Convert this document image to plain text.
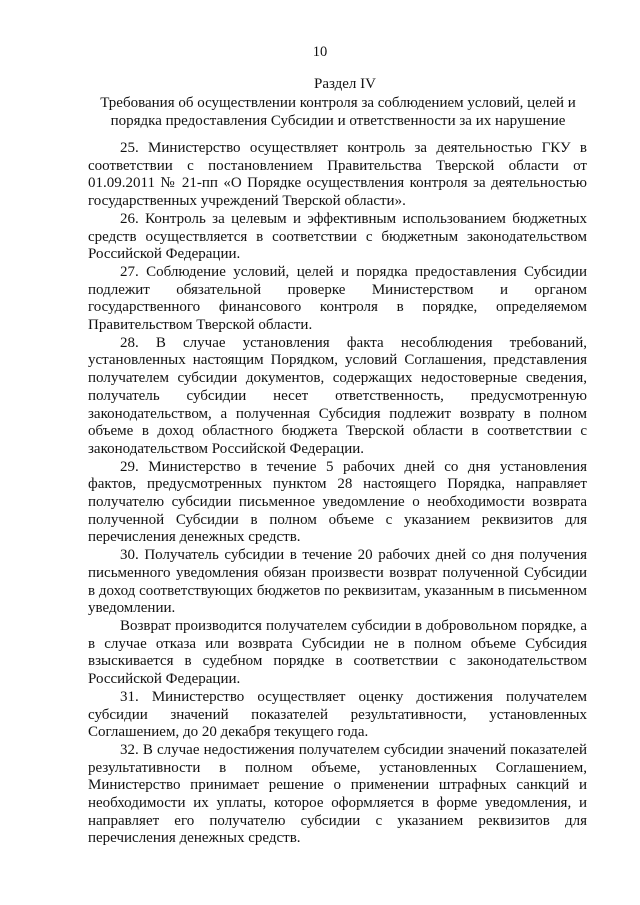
10
Раздел IV
Требования об осуществлении контроля за соблюдением условий, целей и порядка предоставления Субсидии и ответственности за их нарушение

25. Министерство осуществляет контроль за деятельностью ГКУ в соответствии с постановлением Правительства Тверской области от 01.09.2011 № 21-пп «О Порядке осуществления контроля за деятельностью государственных учреждений Тверской области».

26. Контроль за целевым и эффективным использованием бюджетных средств осуществляется в соответствии с бюджетным законодательством Российской Федерации.

27. Соблюдение условий, целей и порядка предоставления Субсидии подлежит обязательной проверке Министерством и органом государственного финансового контроля в порядке, определяемом Правительством Тверской области.

28. В случае установления факта несоблюдения требований, установленных настоящим Порядком, условий Соглашения, представления получателем субсидии документов, содержащих недостоверные сведения, получатель субсидии несет ответственность, предусмотренную законодательством, а полученная Субсидия подлежит возврату в полном объеме в доход областного бюджета Тверской области в соответствии с законодательством Российской Федерации.

29. Министерство в течение 5 рабочих дней со дня установления фактов, предусмотренных пунктом 28 настоящего Порядка, направляет получателю субсидии письменное уведомление о необходимости возврата полученной Субсидии в полном объеме с указанием реквизитов для перечисления денежных средств.

30. Получатель субсидии в течение 20 рабочих дней со дня получения письменного уведомления обязан произвести возврат полученной Субсидии в доход соответствующих бюджетов по реквизитам, указанным в письменном уведомлении.

Возврат производится получателем субсидии в добровольном порядке, а в случае отказа или возврата Субсидии не в полном объеме Субсидия взыскивается в судебном порядке в соответствии с законодательством Российской Федерации.

31. Министерство осуществляет оценку достижения получателем субсидии значений показателей результативности, установленных Соглашением, до 20 декабря текущего года.

32. В случае недостижения получателем субсидии значений показателей результативности в полном объеме, установленных Соглашением, Министерство принимает решение о применении штрафных санкций и необходимости их уплаты, которое оформляется в форме уведомления, и направляет его получателю субсидии с указанием реквизитов для перечисления денежных средств.
